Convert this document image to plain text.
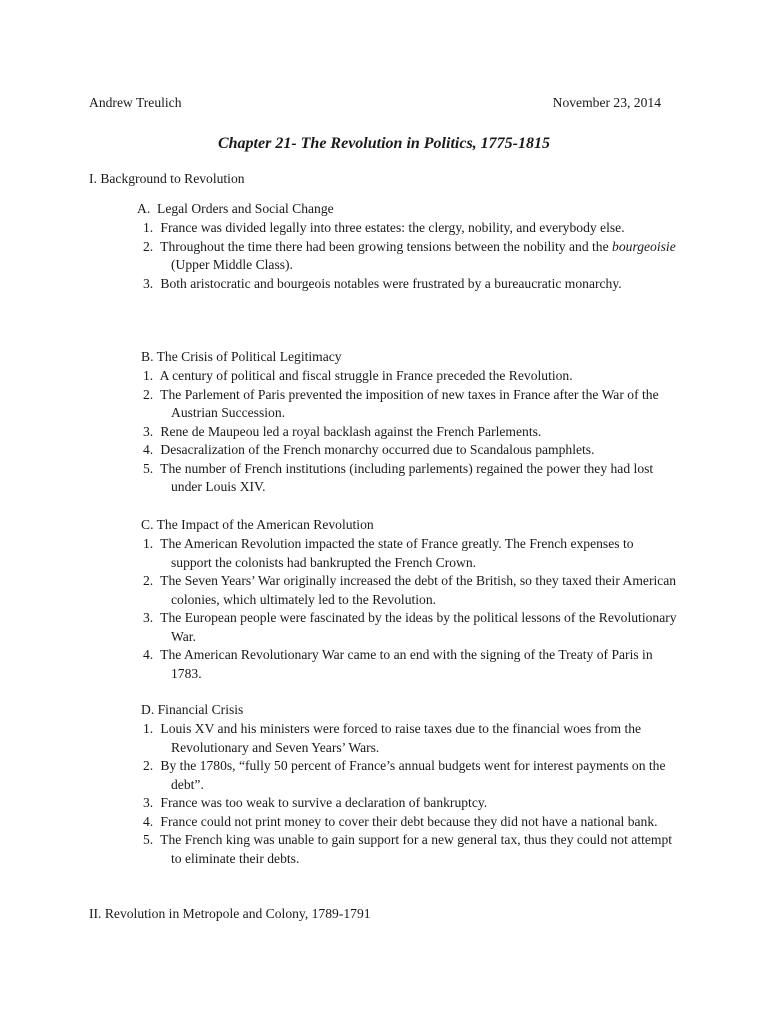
Andrew Treulich	November 23, 2014
Chapter 21- The Revolution in Politics, 1775-1815
I. Background to Revolution
A.  Legal Orders and Social Change
1. France was divided legally into three estates: the clergy, nobility, and everybody else.
2. Throughout the time there had been growing tensions between the nobility and the bourgeoisie (Upper Middle Class).
3. Both aristocratic and bourgeois notables were frustrated by a bureaucratic monarchy.
B. The Crisis of Political Legitimacy
1. A century of political and fiscal struggle in France preceded the Revolution.
2. The Parlement of Paris prevented the imposition of new taxes in France after the War of the Austrian Succession.
3. Rene de Maupeou led a royal backlash against the French Parlements.
4. Desacralization of the French monarchy occurred due to Scandalous pamphlets.
5. The number of French institutions (including parlements) regained the power they had lost under Louis XIV.
C. The Impact of the American Revolution
1. The American Revolution impacted the state of France greatly. The French expenses to support the colonists had bankrupted the French Crown.
2. The Seven Years’ War originally increased the debt of the British, so they taxed their American colonies, which ultimately led to the Revolution.
3. The European people were fascinated by the ideas by the political lessons of the Revolutionary War.
4. The American Revolutionary War came to an end with the signing of the Treaty of Paris in 1783.
D. Financial Crisis
1. Louis XV and his ministers were forced to raise taxes due to the financial woes from the Revolutionary and Seven Years’ Wars.
2. By the 1780s, “fully 50 percent of France’s annual budgets went for interest payments on the debt”.
3. France was too weak to survive a declaration of bankruptcy.
4. France could not print money to cover their debt because they did not have a national bank.
5. The French king was unable to gain support for a new general tax, thus they could not attempt to eliminate their debts.
II. Revolution in Metropole and Colony, 1789-1791
